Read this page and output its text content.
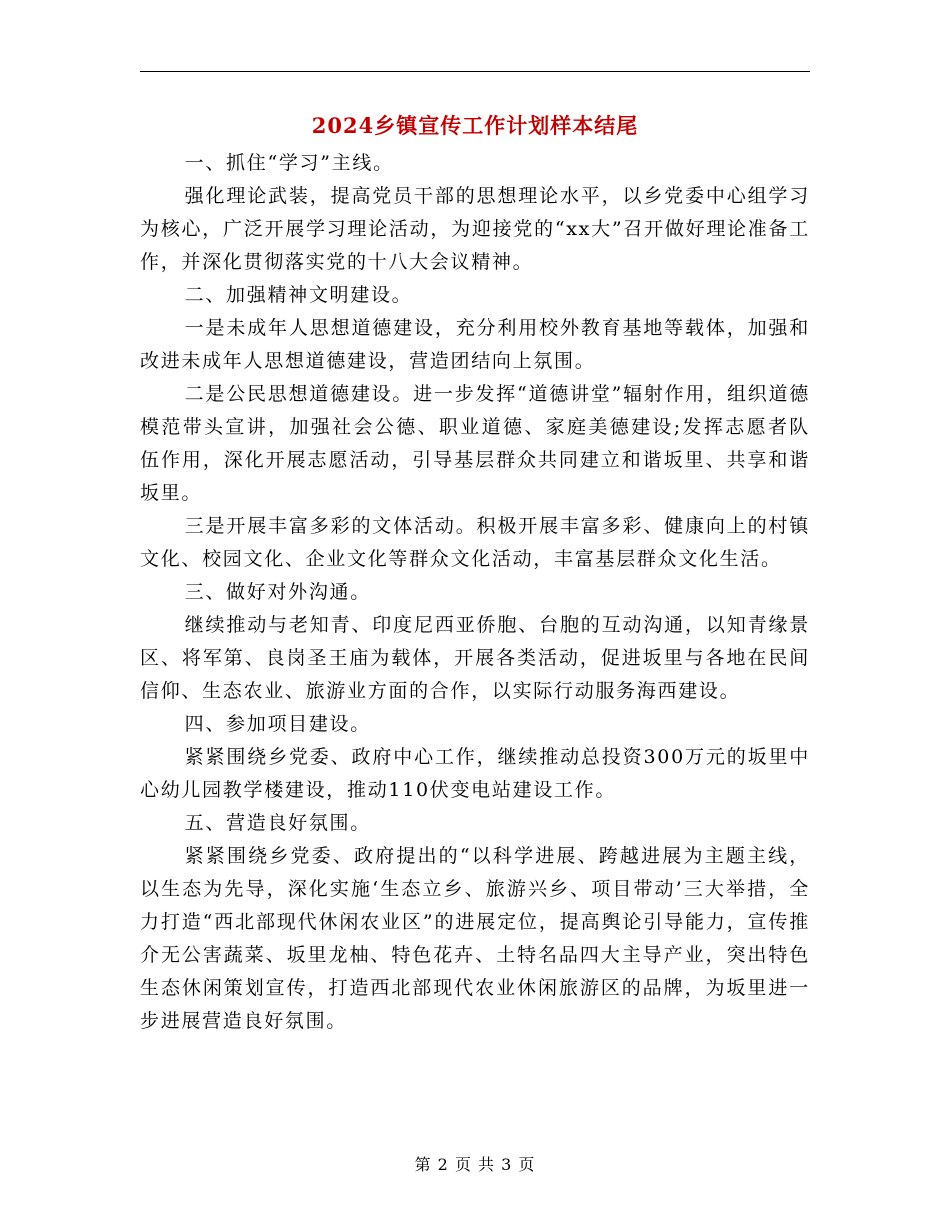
2024乡镇宣传工作计划样本结尾

一、抓住“学习”主线。

强化理论武装，提高党员干部的思想理论水平，以乡党委中心组学习为核心，广泛开展学习理论活动，为迎接党的“xx大”召开做好理论准备工作，并深化贯彻落实党的十八大会议精神。

二、加强精神文明建设。

一是未成年人思想道德建设，充分利用校外教育基地等载体，加强和改进未成年人思想道德建设，营造团结向上氛围。

二是公民思想道德建设。进一步发挥“道德讲堂”辐射作用，组织道德模范带头宣讲，加强社会公德、职业道德、家庭美德建设;发挥志愿者队伍作用，深化开展志愿活动，引导基层群众共同建立和谐坂里、共享和谐坂里。

三是开展丰富多彩的文体活动。积极开展丰富多彩、健康向上的村镇文化、校园文化、企业文化等群众文化活动，丰富基层群众文化生活。

三、做好对外沟通。

继续推动与老知青、印度尼西亚侨胞、台胞的互动沟通，以知青缘景区、将军第、良岗圣王庙为载体，开展各类活动，促进坂里与各地在民间信仰、生态农业、旅游业方面的合作，以实际行动服务海西建设。

四、参加项目建设。

紧紧围绕乡党委、政府中心工作，继续推动总投资300万元的坂里中心幼儿园教学楼建设，推动110伏变电站建设工作。

五、营造良好氛围。

紧紧围绕乡党委、政府提出的“以科学进展、跨越进展为主题主线，以生态为先导，深化实施‘生态立乡、旅游兴乡、项目带动’三大举措，全力打造“西北部现代休闲农业区”的进展定位，提高舆论引导能力，宣传推介无公害蔬菜、坂里龙柚、特色花卉、土特名品四大主导产业，突出特色生态休闲策划宣传，打造西北部现代农业休闲旅游区的品牌，为坂里进一步进展营造良好氛围。

第 2 页 共 3 页
